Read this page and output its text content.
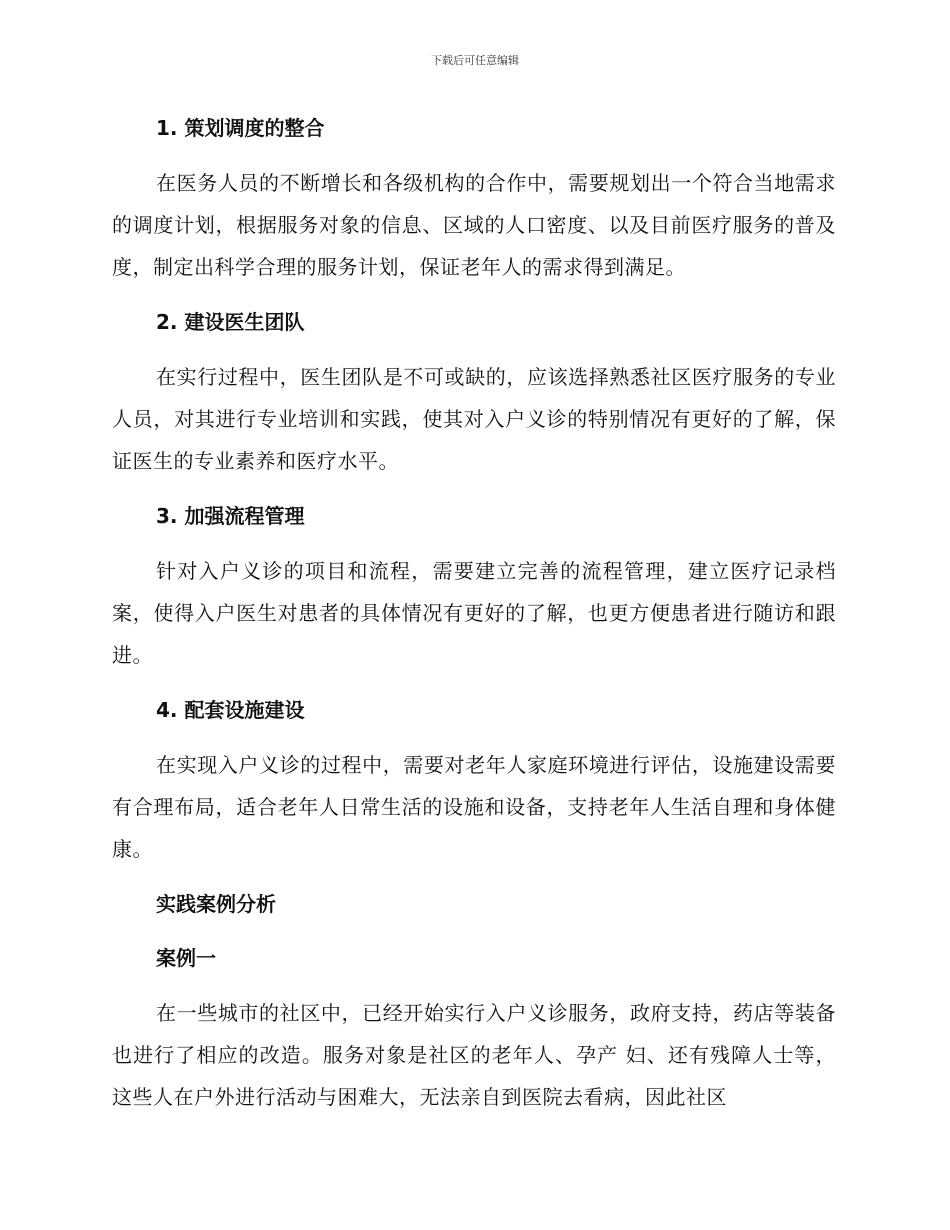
下载后可任意编辑
1. 策划调度的整合
在医务人员的不断增长和各级机构的合作中，需要规划出一个符合当地需求的调度计划，根据服务对象的信息、区域的人口密度、以及目前医疗服务的普及度，制定出科学合理的服务计划，保证老年人的需求得到满足。
2. 建设医生团队
在实行过程中，医生团队是不可或缺的，应该选择熟悉社区医疗服务的专业人员，对其进行专业培训和实践，使其对入户义诊的特别情况有更好的了解，保证医生的专业素养和医疗水平。
3. 加强流程管理
针对入户义诊的项目和流程，需要建立完善的流程管理，建立医疗记录档案，使得入户医生对患者的具体情况有更好的了解，也更方便患者进行随访和跟进。
4. 配套设施建设
在实现入户义诊的过程中，需要对老年人家庭环境进行评估，设施建设需要有合理布局，适合老年人日常生活的设施和设备，支持老年人生活自理和身体健康。
实践案例分析
案例一
在一些城市的社区中，已经开始实行入户义诊服务，政府支持，药店等装备也进行了相应的改造。服务对象是社区的老年人、孕产 妇、还有残障人士等，这些人在户外进行活动与困难大，无法亲自到医院去看病，因此社区
